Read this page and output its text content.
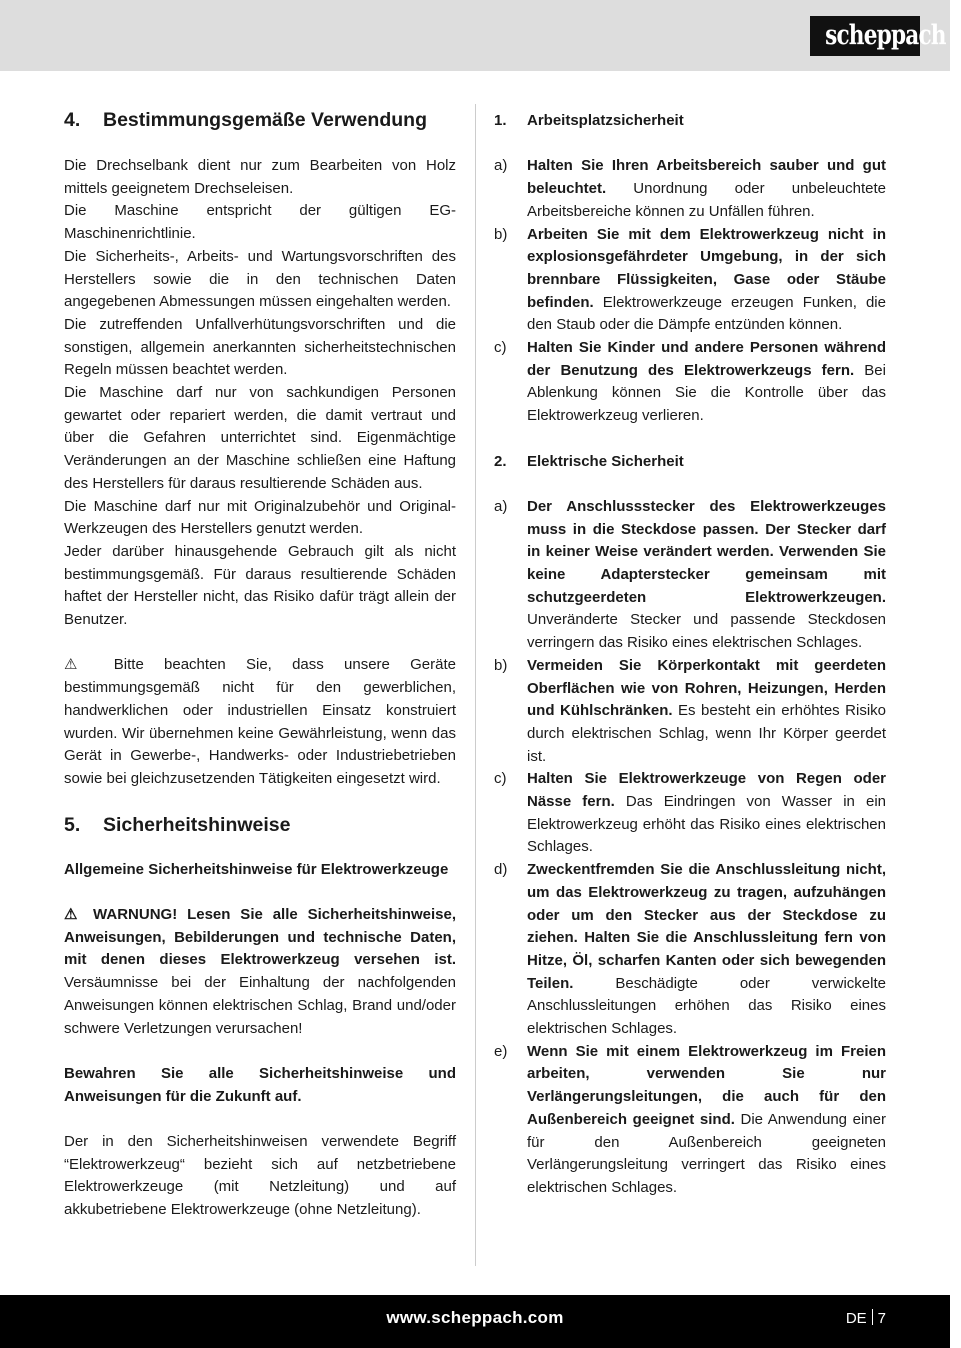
scheppach
4.	Bestimmungsgemäße Verwendung

Die Drechselbank dient nur zum Bearbeiten von Holz mittels geeignetem Drechseleisen.

Die Maschine entspricht der gültigen EG-Maschinenrichtlinie.

Die Sicherheits-, Arbeits- und Wartungsvorschriften des Herstellers sowie die in den technischen Daten angegebenen Abmessungen müssen eingehalten werden.

Die zutreffenden Unfallverhütungsvorschriften und die sonstigen, allgemein anerkannten sicherheitstechnischen Regeln müssen beachtet werden.

Die Maschine darf nur von sachkundigen Personen gewartet oder repariert werden, die damit vertraut und über die Gefahren unterrichtet sind. Eigenmächtige Veränderungen an der Maschine schließen eine Haftung des Herstellers für daraus resultierende Schäden aus.

Die Maschine darf nur mit Originalzubehör und Original- Werkzeugen des Herstellers genutzt werden.

Jeder darüber hinausgehende Gebrauch gilt als nicht bestimmungsgemäß. Für daraus resultierende Schäden haftet der Hersteller nicht, das Risiko dafür trägt allein der Benutzer.

⚠ Bitte beachten Sie, dass unsere Geräte bestimmungsgemäß nicht für den gewerblichen, handwerklichen oder industriellen Einsatz konstruiert wurden. Wir übernehmen keine Gewährleistung, wenn das Gerät in Gewerbe-, Handwerks- oder Industriebetrieben sowie bei gleichzusetzenden Tätigkeiten eingesetzt wird.

5.	Sicherheitshinweise

Allgemeine Sicherheitshinweise für Elektrowerkzeuge

⚠ WARNUNG! Lesen Sie alle Sicherheitshinweise, Anweisungen, Bebilderungen und technische Daten, mit denen dieses Elektrowerkzeug versehen ist. Versäumnisse bei der Einhaltung der nachfolgenden Anweisungen können elektrischen Schlag, Brand und/oder schwere Verletzungen verursachen!

Bewahren Sie alle Sicherheitshinweise und Anweisungen für die Zukunft auf.

Der in den Sicherheitshinweisen verwendete Begriff “Elektrowerkzeug“ bezieht sich auf netzbetriebene Elektrowerkzeuge (mit Netzleitung) und auf akkubetriebene Elektrowerkzeuge (ohne Netzleitung).

1.	Arbeitsplatzsicherheit
a)	Halten Sie Ihren Arbeitsbereich sauber und gut beleuchtet. Unordnung oder unbeleuchtete Arbeitsbereiche können zu Unfällen führen.
b)	Arbeiten Sie mit dem Elektrowerkzeug nicht in explosionsgefährdeter Umgebung, in der sich brennbare Flüssigkeiten, Gase oder Stäube befinden. Elektrowerkzeuge erzeugen Funken, die den Staub oder die Dämpfe entzünden können.
c)	Halten Sie Kinder und andere Personen während der Benutzung des Elektrowerkzeugs fern. Bei Ablenkung können Sie die Kontrolle über das Elektrowerkzeug verlieren.
2.	Elektrische Sicherheit
a)	Der Anschlussstecker des Elektrowerkzeuges muss in die Steckdose passen. Der Stecker darf in keiner Weise verändert werden. Verwenden Sie keine Adapterstecker gemeinsam mit schutzgeerdeten Elektrowerkzeugen. Unveränderte Stecker und passende Steckdosen verringern das Risiko eines elektrischen Schlages.
b)	Vermeiden Sie Körperkontakt mit geerdeten Oberflächen wie von Rohren, Heizungen, Herden und Kühlschränken. Es besteht ein erhöhtes Risiko durch elektrischen Schlag, wenn Ihr Körper geerdet ist.
c)	Halten Sie Elektrowerkzeuge von Regen oder Nässe fern. Das Eindringen von Wasser in ein Elektrowerkzeug erhöht das Risiko eines elektrischen Schlages.
d)	Zweckentfremden Sie die Anschlussleitung nicht, um das Elektrowerkzeug zu tragen, aufzuhängen oder um den Stecker aus der Steckdose zu ziehen. Halten Sie die Anschlussleitung fern von Hitze, Öl, scharfen Kanten oder sich bewegenden Teilen. Beschädigte oder verwickelte Anschlussleitungen erhöhen das Risiko eines elektrischen Schlages.
e)	Wenn Sie mit einem Elektrowerkzeug im Freien arbeiten, verwenden Sie nur Verlängerungsleitungen, die auch für den Außenbereich geeignet sind. Die Anwendung einer für den Außenbereich geeigneten Verlängerungsleitung verringert das Risiko eines elektrischen Schlages.
www.scheppach.com	DE 7
